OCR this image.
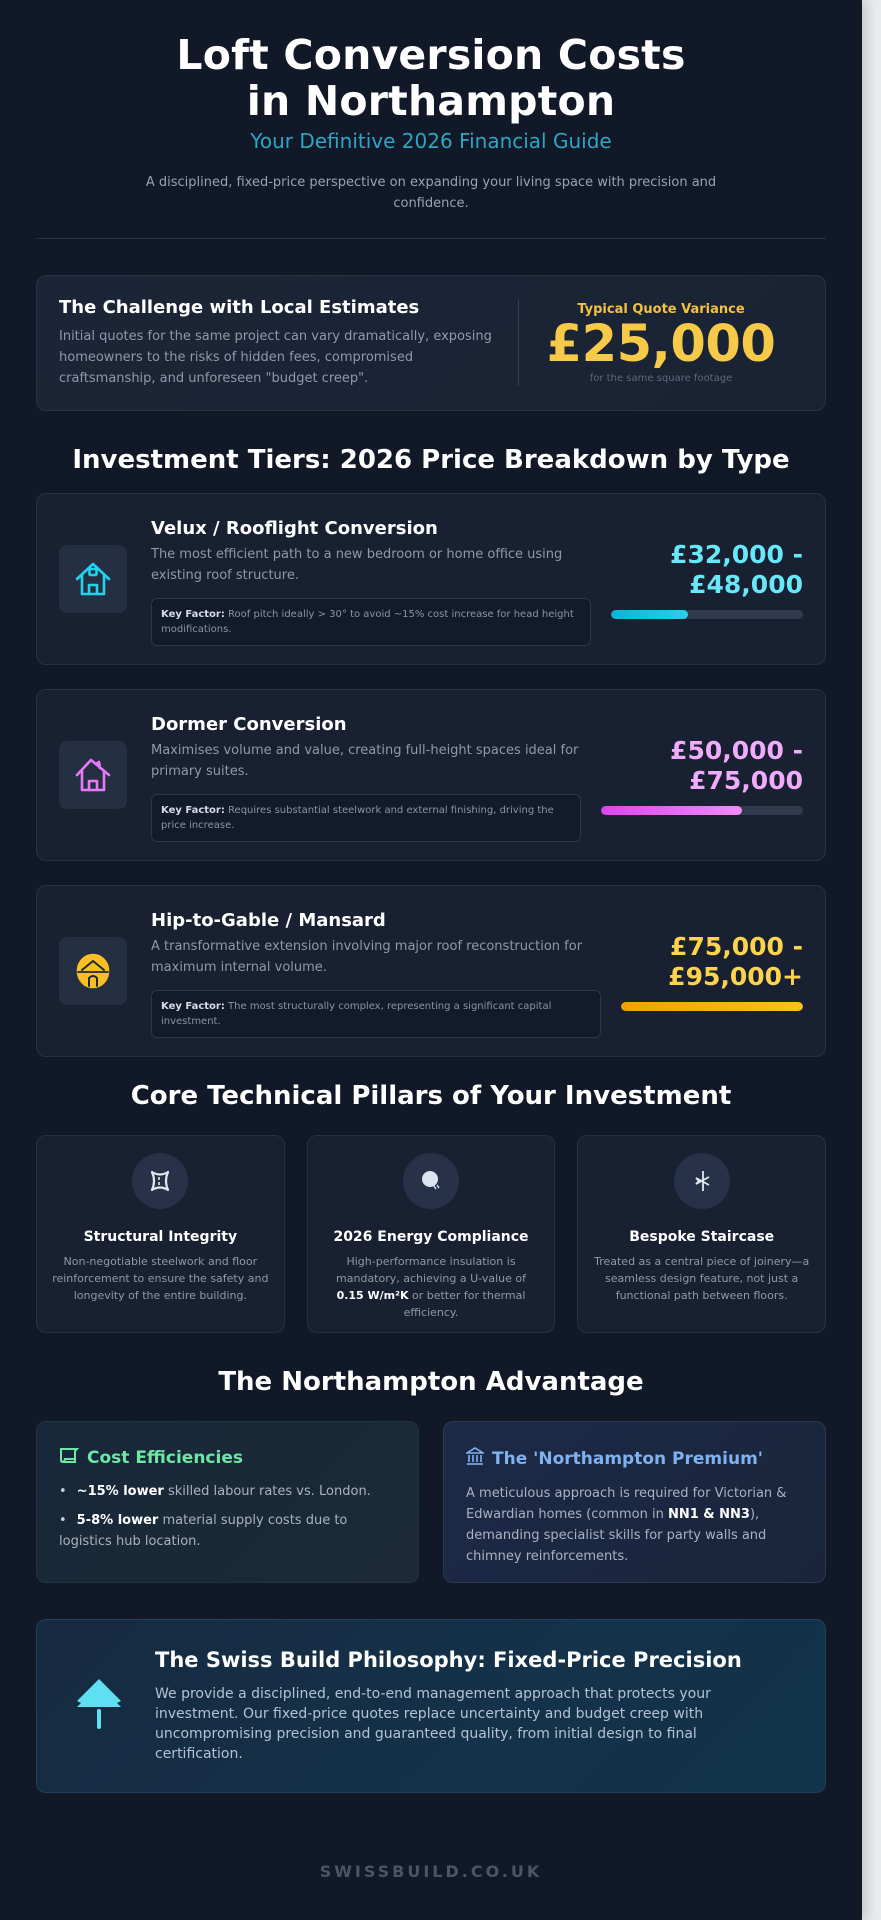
Loft Conversion Costs in Northampton
Your Definitive 2026 Financial Guide

A disciplined, fixed-price perspective on expanding your living space with precision and confidence.

The Challenge with Local Estimates

Initial quotes for the same project can vary dramatically, exposing homeowners to the risks of hidden fees, compromised craftsmanship, and unforeseen "budget creep".

Typical Quote Variance
£25,000
for the same square footage
Investment Tiers: 2026 Price Breakdown by Type
Velux / Rooflight Conversion
The most efficient path to a new bedroom or home office using existing roof structure.
Key Factor: Roof pitch ideally > 30° to avoid ~15% cost increase for head height modifications.
£32,000 -
£48,000
Dormer Conversion
Maximises volume and value, creating full-height spaces ideal for primary suites.
Key Factor: Requires substantial steelwork and external finishing, driving the price increase.
£50,000 -
£75,000
Hip-to-Gable / Mansard
A transformative extension involving major roof reconstruction for maximum internal volume.
Key Factor: The most structurally complex, representing a significant capital investment.
£75,000 -
£95,000+
Core Technical Pillars of Your Investment
Structural Integrity

Non-negotiable steelwork and floor reinforcement to ensure the safety and longevity of the entire building.

2026 Energy Compliance

High-performance insulation is mandatory, achieving a U-value of 0.15 W/m²K or better for thermal efficiency.

Bespoke Staircase

Treated as a central piece of joinery—a seamless design feature, not just a functional path between floors.

The Northampton Advantage
Cost Efficiencies
• ~15% lower skilled labour rates vs. London.
• 5-8% lower material supply costs due to logistics hub location.
The 'Northampton Premium'

A meticulous approach is required for Victorian & Edwardian homes (common in NN1 & NN3), demanding specialist skills for party walls and chimney reinforcements.

The Swiss Build Philosophy: Fixed-Price Precision

We provide a disciplined, end-to-end management approach that protects your investment. Our fixed-price quotes replace uncertainty and budget creep with uncompromising precision and guaranteed quality, from initial design to final certification.

SWISSBUILD.CO.UK
